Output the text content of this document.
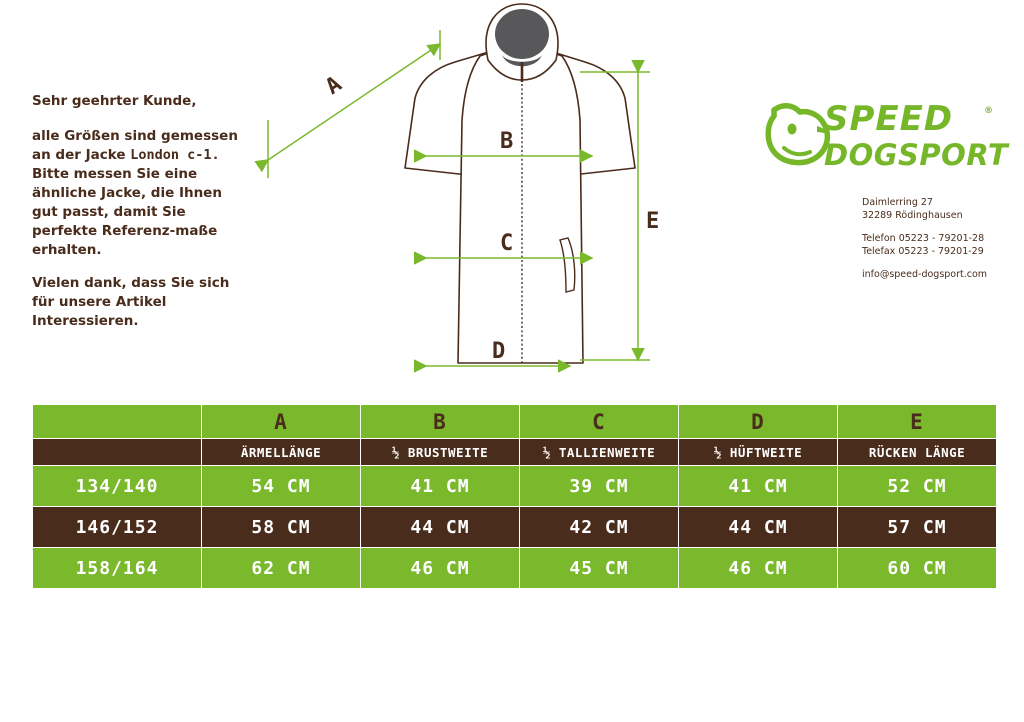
Sehr geehrter Kunde,

alle Größen sind gemessen an der Jacke London c-1.
Bitte messen Sie eine ähnliche Jacke, die Ihnen gut passt, damit Sie perfekte Referenz-maße erhalten.

Vielen dank, dass Sie sich für unsere Artikel Interessieren.

SPEED
DOGSPORT
®
Daimlerring 27
32289 Rödinghausen
Telefon 05223 - 79201-28
Telefax 05223 - 79201-29
info@speed-dogsport.com
A
B
C
D
E
	A	B	C	D	E
	ÄRMELLÄNGE	½ BRUSTWEITE	½ TALLIENWEITE	½ HÜFTWEITE	RÜCKEN LÄNGE
134/140	54 CM	41 CM	39 CM	41 CM	52 CM
146/152	58 CM	44 CM	42 CM	44 CM	57 CM
158/164	62 CM	46 CM	45 CM	46 CM	60 CM
